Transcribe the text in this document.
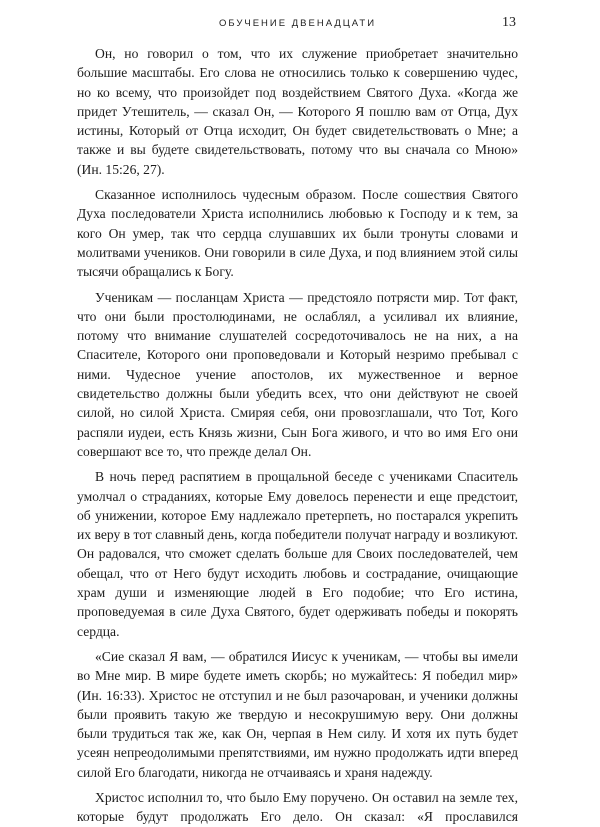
ОБУЧЕНИЕ ДВЕНАДЦАТИ	13

Он, но говорил о том, что их служение приобретает значительно большие масштабы. Его слова не относились только к совершению чудес, но ко всему, что произойдет под воздействием Святого Духа. «Когда же придет Утешитель, — сказал Он, — Которого Я пошлю вам от Отца, Дух истины, Который от Отца исходит, Он будет свидетельствовать о Мне; а также и вы будете свидетельствовать, потому что вы сначала со Мною» (Ин. 15:26, 27).

Сказанное исполнилось чудесным образом. После сошествия Святого Духа последователи Христа исполнились любовью к Господу и к тем, за кого Он умер, так что сердца слушавших их были тронуты словами и молитвами учеников. Они говорили в силе Духа, и под влиянием этой силы тысячи обращались к Богу.

Ученикам — посланцам Христа — предстояло потрясти мир. Тот факт, что они были простолюдинами, не ослаблял, а усиливал их влияние, потому что внимание слушателей сосредоточивалось не на них, а на Спасителе, Которого они проповедовали и Который незримо пребывал с ними. Чудесное учение апостолов, их мужественное и верное свидетельство должны были убедить всех, что они действуют не своей силой, но силой Христа. Смиряя себя, они провозглашали, что Тот, Кого распяли иудеи, есть Князь жизни, Сын Бога живого, и что во имя Его они совершают все то, что прежде делал Он.

В ночь перед распятием в прощальной беседе с учениками Спаситель умолчал о страданиях, которые Ему довелось перенести и еще предстоит, об унижении, которое Ему надлежало претерпеть, но постарался укрепить их веру в тот славный день, когда победители получат награду и возликуют. Он радовался, что сможет сделать больше для Своих последователей, чем обещал, что от Него будут исходить любовь и сострадание, очищающие храм души и изменяющие людей в Его подобие; что Его истина, проповедуемая в силе Духа Святого, будет одерживать победы и покорять сердца.

«Сие сказал Я вам, — обратился Иисус к ученикам, — чтобы вы имели во Мне мир. В мире будете иметь скорбь; но мужайтесь: Я победил мир» (Ин. 16:33). Христос не отступил и не был разочарован, и ученики должны были проявить такую же твердую и несокрушимую веру. Они должны были трудиться так же, как Он, черпая в Нем силу. И хотя их путь будет усеян непреодолимыми препятствиями, им нужно продолжать идти вперед силой Его благодати, никогда не отчаиваясь и храня надежду.

Христос исполнил то, что было Ему поручено. Он оставил на земле тех, которые будут продолжать Его дело. Он сказал: «Я прославился
